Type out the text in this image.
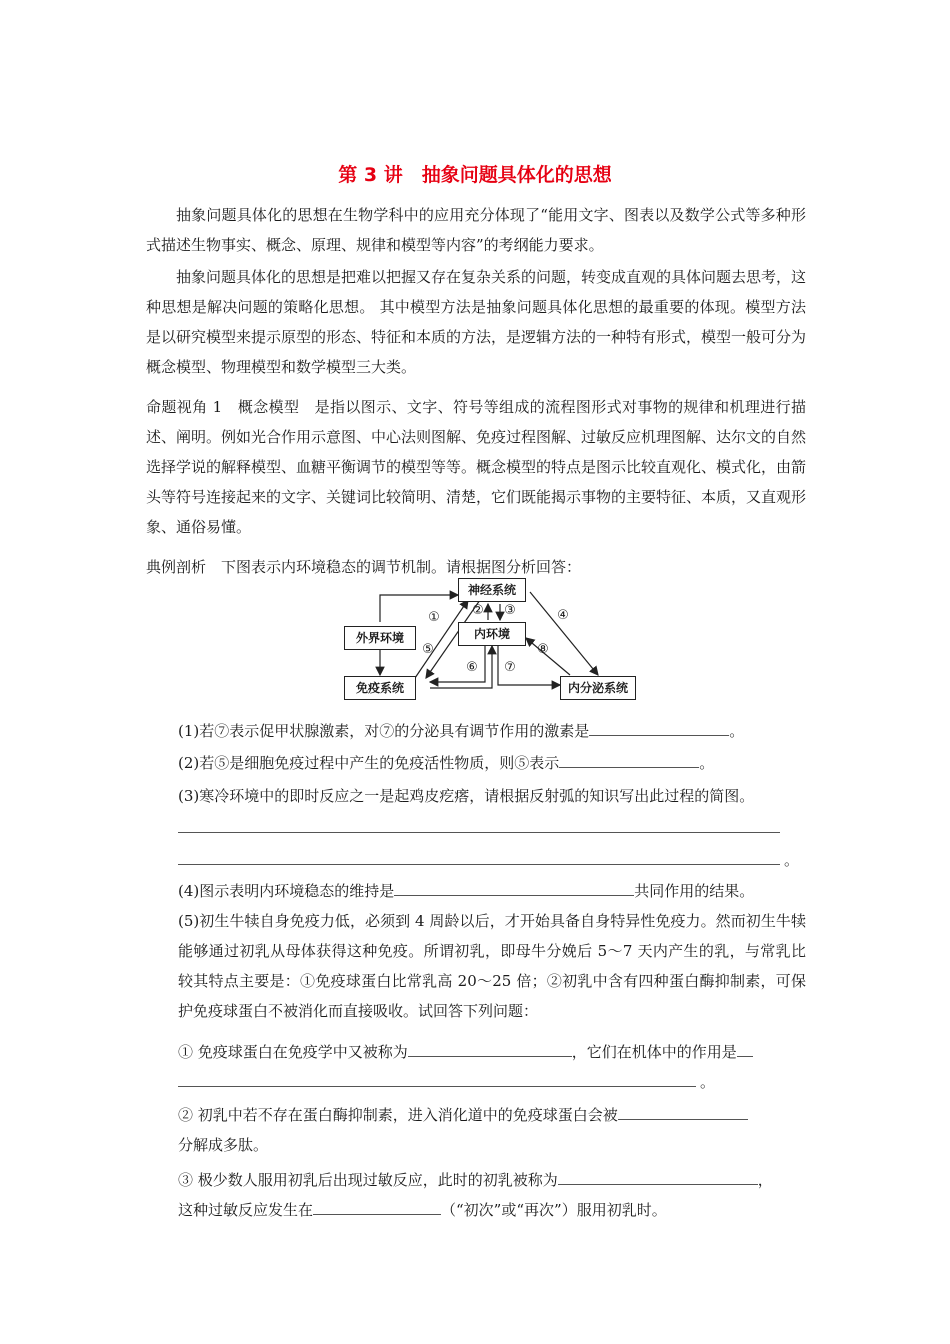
第 3 讲　抽象问题具体化的思想

抽象问题具体化的思想在生物学科中的应用充分体现了“能用文字、图表以及数学公式等多种形式描述生物事实、概念、原理、规律和模型等内容”的考纲能力要求。

抽象问题具体化的思想是把难以把握又存在复杂关系的问题，转变成直观的具体问题去思考，这种思想是解决问题的策略化思想。 其中模型方法是抽象问题具体化思想的最重要的体现。模型方法是以研究模型来提示原型的形态、特征和本质的方法，是逻辑方法的一种特有形式，模型一般可分为概念模型、物理模型和数学模型三大类。

命题视角 1　概念模型　是指以图示、文字、符号等组成的流程图形式对事物的规律和机理进行描述、阐明。例如光合作用示意图、中心法则图解、免疫过程图解、过敏反应机理图解、达尔文的自然选择学说的解释模型、血糖平衡调节的模型等等。概念模型的特点是图示比较直观化、模式化，由箭头等符号连接起来的文字、关键词比较简明、清楚，它们既能揭示事物的主要特征、本质，又直观形象、通俗易懂。

典例剖析　下图表示内环境稳态的调节机制。请根据图分析回答：

神经系统
外界环境	内环境
免疫系统	内分泌系统
① ② ③	④
⑤
⑥ ⑦
⑧
(1)若⑦表示促甲状腺激素，对⑦的分泌具有调节作用的激素是	。
(2)若⑤是细胞免疫过程中产生的免疫活性物质，则⑤表示	。
(3)寒冷环境中的即时反应之一是起鸡皮疙瘩，请根据反射弧的知识写出此过程的简图。
。
(4)图示表明内环境稳态的维持是	共同作用的结果。

(5)初生牛犊自身免疫力低，必须到 4 周龄以后，才开始具备自身特异性免疫力。然而初生牛犊能够通过初乳从母体获得这种免疫。所谓初乳，即母牛分娩后 5～7 天内产生的乳，与常乳比较其特点主要是：①免疫球蛋白比常乳高 20～25 倍；②初乳中含有四种蛋白酶抑制素，可保护免疫球蛋白不被消化而直接吸收。试回答下列问题：

① 免疫球蛋白在免疫学中又被称为	，它们在机体中的作用是
。
② 初乳中若不存在蛋白酶抑制素，进入消化道中的免疫球蛋白会被
分解成多肽。
③ 极少数人服用初乳后出现过敏反应，此时的初乳被称为	，
这种过敏反应发生在	（“初次”或“再次”）服用初乳时。
